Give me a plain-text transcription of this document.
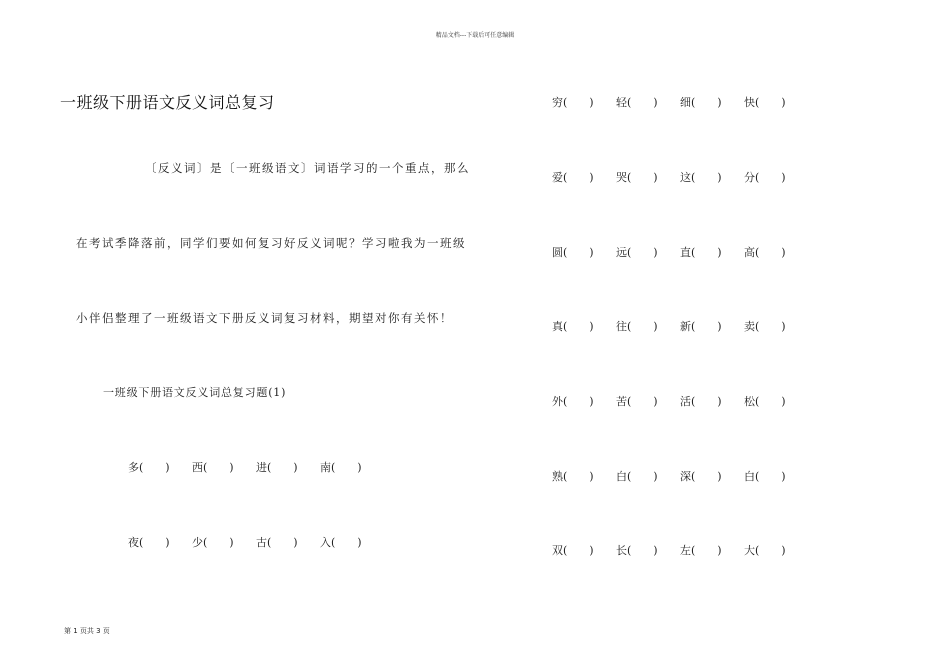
精品文档---下载后可任意编辑
一班级下册语文反义词总复习
〔反义词〕是〔一班级语文〕词语学习的一个重点，那么
在考试季降落前，同学们要如何复习好反义词呢？学习啦我为一班级
小伴侣整理了一班级语文下册反义词复习材料，期望对你有关怀！
一班级下册语文反义词总复习题(1)
多 ( )	西 ( )	进 ( )	南 ( )
夜 ( )	少 ( )	古 ( )	入 ( )
穷 ( )	轻 ( )	细 ( )	快 ( )
爱 ( )	哭 ( )	这 ( )	分 ( )
圆 ( )	远 ( )	直 ( )	高 ( )
真 ( )	往 ( )	新 ( )	卖 ( )
外 ( )	苦 ( )	活 ( )	松 ( )
熟 ( )	白 ( )	深 ( )	白 ( )
双 ( )	长 ( )	左 ( )	大 ( )
第 1 页共 3 页
